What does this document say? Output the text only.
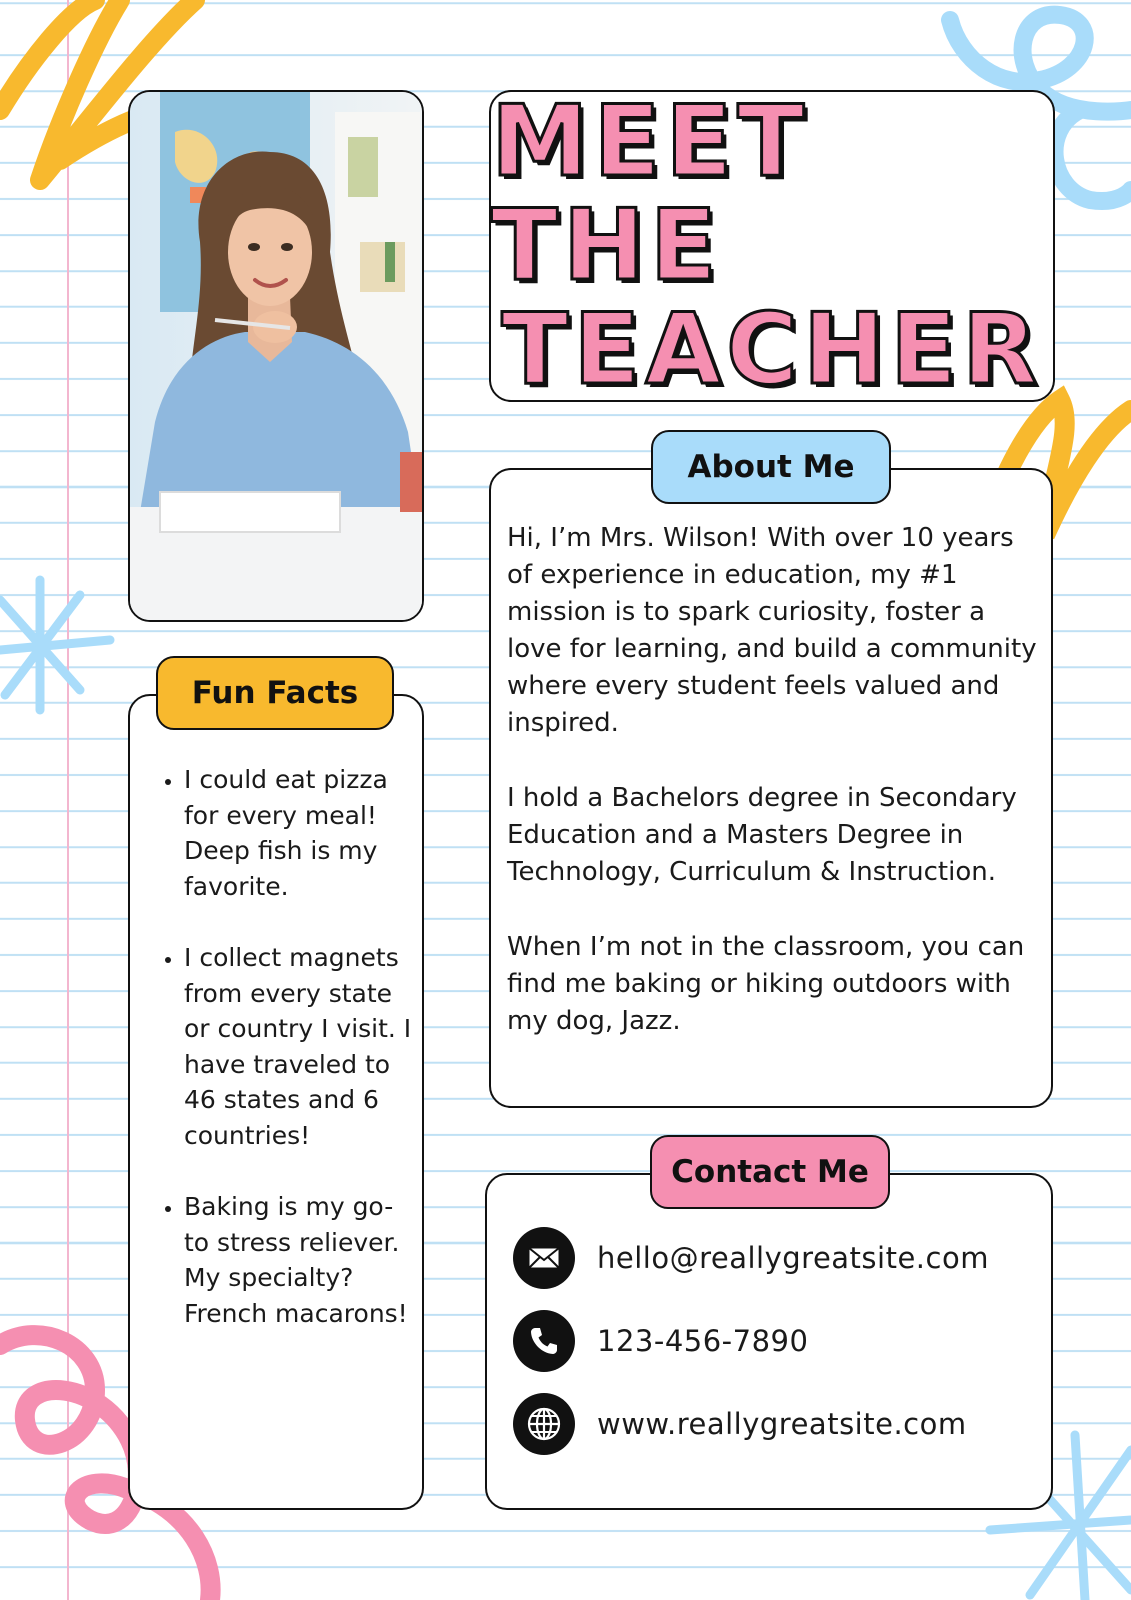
MEET THE
TEACHER

Hi, I’m Mrs. Wilson! With over 10 years of experience in education, my #1 mission is to spark curiosity, foster a love for learning, and build a community where every student feels valued and inspired.

I hold a Bachelors degree in Secondary Education and a Masters Degree in Technology, Curriculum & Instruction.

When I’m not in the classroom, you can find me baking or hiking outdoors with my dog, Jazz.

About Me
• I could eat pizza for every meal! Deep fish is my favorite.
• I collect magnets from every state or country I visit. I have traveled to 46 states and 6 countries!
• Baking is my go-to stress reliever. My specialty? French macarons!
Fun Facts
hello@reallygreatsite.com
123-456-7890
www.reallygreatsite.com
Contact Me
